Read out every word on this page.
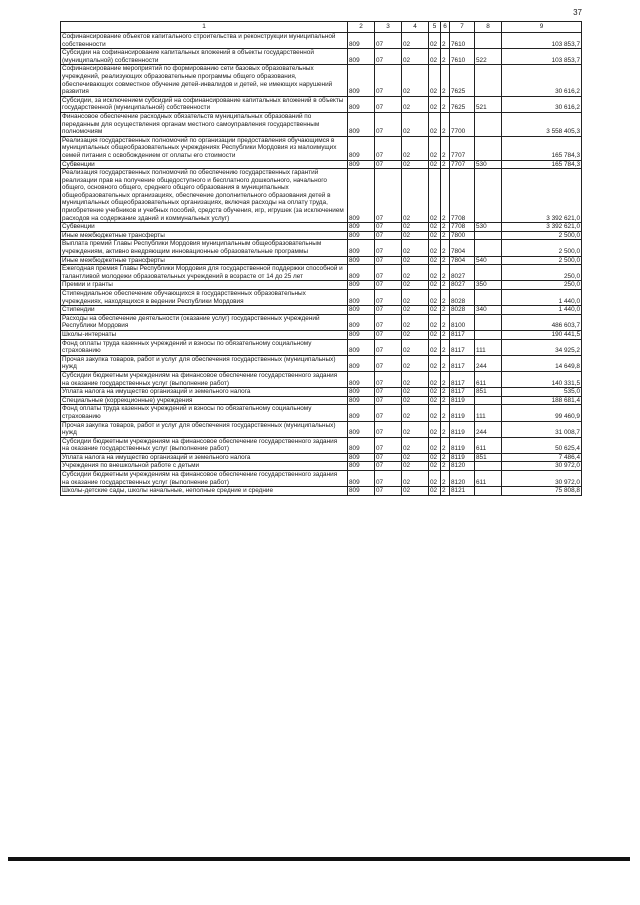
37
1	2	3	4	5	6	7	8	9
Софинансирование объектов капитального строительства и реконструкции муниципальной собственности	809	07	02	02	2	7610		103 853,7
Субсидии на софинансирование капитальных вложений в объекты государственной (муниципальной) собственности	809	07	02	02	2	7610	522	103 853,7
Софинансирование мероприятий по формированию сети базовых образовательных учреждений, реализующих образовательные программы общего образования, обеспечивающих совместное обучение детей-инвалидов и детей, не имеющих нарушений развития	809	07	02	02	2	7625		30 616,2
Субсидии, за исключением субсидий на софинансирование капитальных вложений в объекты государственной (муниципальной) собственности	809	07	02	02	2	7625	521	30 616,2
Финансовое обеспечение расходных обязательств муниципальных образований по переданным для осуществления органам местного самоуправления государственным полномочиям	809	07	02	02	2	7700		3 558 405,3
Реализация государственных полномочий по организации предоставления обучающимся в муниципальных общеобразовательных учреждениях Республики Мордовия из малоимущих семей питания с освобождением от оплаты его стоимости	809	07	02	02	2	7707		165 784,3
Субвенции	809	07	02	02	2	7707	530	165 784,3
Реализация государственных полномочий по обеспечению государственных гарантий реализации прав на получение общедоступного и бесплатного дошкольного, начального общего, основного общего, среднего общего образования в муниципальных общеобразовательных организациях, обеспечение дополнительного образования детей в муниципальных общеобразовательных организациях, включая расходы на оплату труда, приобретение учебников и учебных пособий, средств обучения, игр, игрушек (за исключением расходов на содержание зданий и коммунальных услуг)	809	07	02	02	2	7708		3 392 621,0
Субвенции	809	07	02	02	2	7708	530	3 392 621,0
Иные межбюджетные трансферты	809	07	02	02	2	7800		2 500,0
Выплата премий Главы Республики Мордовия муниципальным общеобразовательным учреждениям, активно внедряющим инновационные образовательные программы	809	07	02	02	2	7804		2 500,0
Иные межбюджетные трансферты	809	07	02	02	2	7804	540	2 500,0
Ежегодная премия Главы Республики Мордовия для государственной поддержки способной и талантливой молодежи образовательных учреждений в возрасте от 14 до 25 лет	809	07	02	02	2	8027		250,0
Премии и гранты	809	07	02	02	2	8027	350	250,0
Стипендиальное обеспечение обучающихся в государственных образовательных учреждениях, находящихся в ведении Республики Мордовия	809	07	02	02	2	8028		1 440,0
Стипендии	809	07	02	02	2	8028	340	1 440,0
Расходы на обеспечение деятельности (оказание услуг) государственных учреждений Республики Мордовия	809	07	02	02	2	8100		486 603,7
Школы-интернаты	809	07	02	02	2	8117		190 441,5
Фонд оплаты труда казенных учреждений и взносы по обязательному социальному страхованию	809	07	02	02	2	8117	111	34 925,2
Прочая закупка товаров, работ и услуг для обеспечения государственных (муниципальных) нужд	809	07	02	02	2	8117	244	14 649,8
Субсидии бюджетным учреждениям на финансовое обеспечение государственного задания на оказание государственных услуг (выполнение работ)	809	07	02	02	2	8117	611	140 331,5
Уплата налога на имущество организаций и земельного налога	809	07	02	02	2	8117	851	535,0
Специальные (коррекционные) учреждения	809	07	02	02	2	8119		188 681,4
Фонд оплаты труда казенных учреждений и взносы по обязательному социальному страхованию	809	07	02	02	2	8119	111	99 460,9
Прочая закупка товаров, работ и услуг для обеспечения государственных (муниципальных) нужд	809	07	02	02	2	8119	244	31 008,7
Субсидии бюджетным учреждениям на финансовое обеспечение государственного задания на оказание государственных услуг (выполнение работ)	809	07	02	02	2	8119	611	50 625,4
Уплата налога на имущество организаций и земельного налога	809	07	02	02	2	8119	851	7 486,4
Учреждения по внешкольной работе с детьми	809	07	02	02	2	8120		30 972,0
Субсидии бюджетным учреждениям на финансовое обеспечение государственного задания на оказание государственных услуг (выполнение работ)	809	07	02	02	2	8120	611	30 972,0
Школы-детские сады, школы начальные, неполные средние и средние	809	07	02	02	2	8121		75 808,8
